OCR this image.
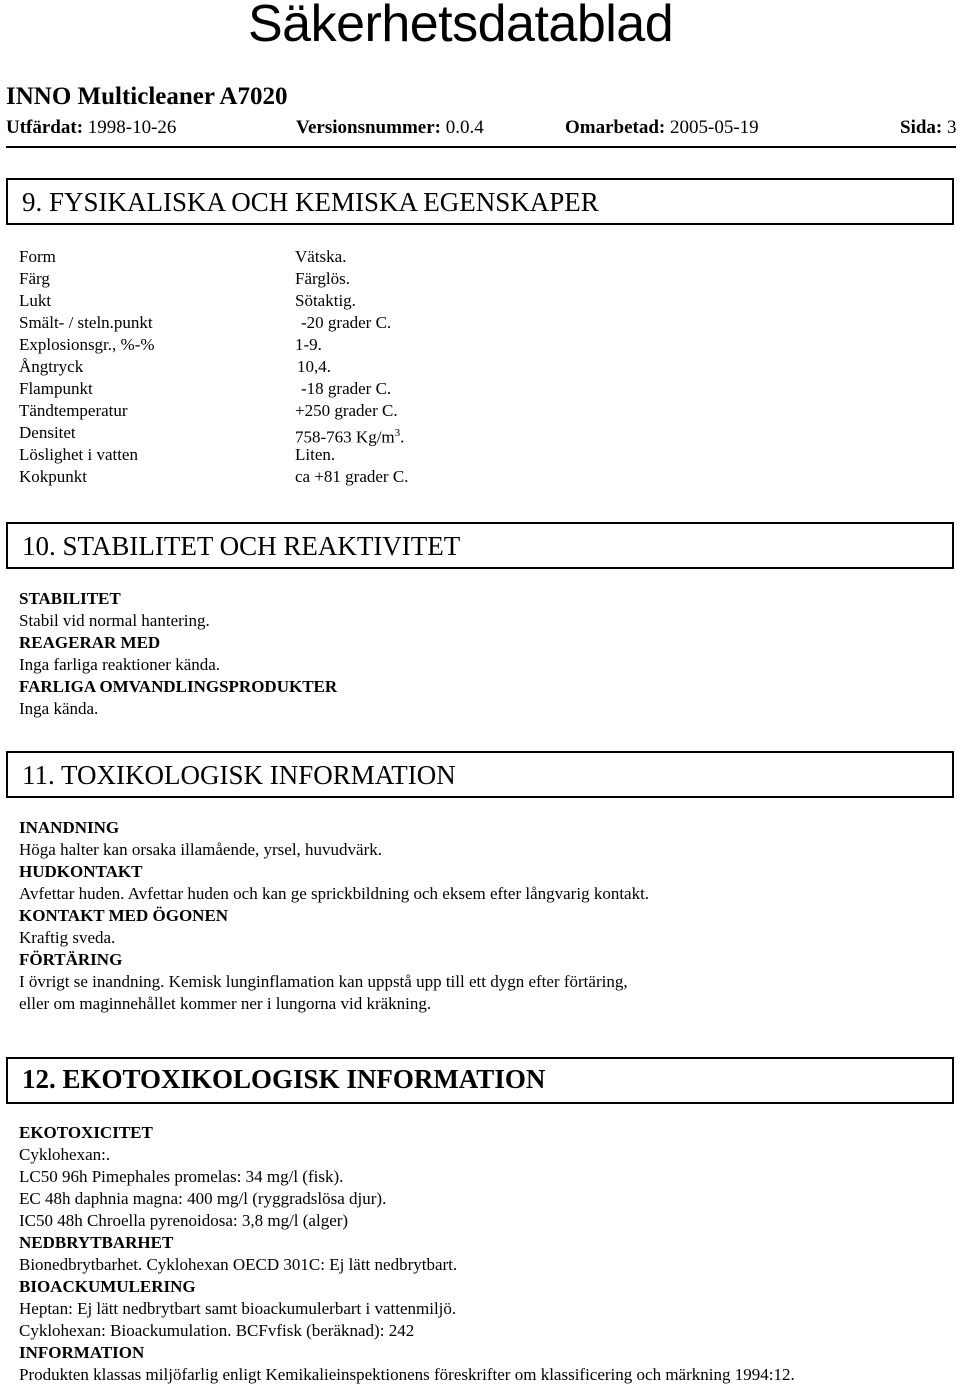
Säkerhetsdatablad
INNO Multicleaner A7020
Utfärdat: 1998-10-26	Versionsnummer: 0.0.4	Omarbetad: 2005-05-19	Sida: 3
9. FYSIKALISKA OCH KEMISKA EGENSKAPER
Form	Vätska.
Färg	Färglös.
Lukt	Sötaktig.
Smält- / steln.punkt	-20 grader C.
Explosionsgr., %-%	1-9.
Ångtryck	10,4.
Flampunkt	-18 grader C.
Tändtemperatur	+250 grader C.
Densitet	758-763 $Kg/m^3$.
Löslighet i vatten	Liten.
Kokpunkt	ca +81 grader C.
10. STABILITET OCH REAKTIVITET
STABILITET
Stabil vid normal hantering.
REAGERAR MED
Inga farliga reaktioner kända.
FARLIGA OMVANDLINGSPRODUKTER
Inga kända.
11. TOXIKOLOGISK INFORMATION
INANDNING
Höga halter kan orsaka illamående, yrsel, huvudvärk.
HUDKONTAKT
Avfettar huden. Avfettar huden och kan ge sprickbildning och eksem efter långvarig kontakt.
KONTAKT MED ÖGONEN
Kraftig sveda.
FÖRTÄRING
I övrigt se inandning. Kemisk lunginflamation kan uppstå upp till ett dygn efter förtäring,
eller om maginnehållet kommer ner i lungorna vid kräkning.
12. EKOTOXIKOLOGISK INFORMATION
EKOTOXICITET
Cyklohexan:.
LC50 96h Pimephales promelas: 34 mg/l (fisk).
EC 48h daphnia magna: 400 mg/l (ryggradslösa djur).
IC50 48h Chroella pyrenoidosa: 3,8 mg/l (alger)
NEDBRYTBARHET
Bionedbrytbarhet. Cyklohexan OECD 301C: Ej lätt nedbrytbart.
BIOACKUMULERING
Heptan: Ej lätt nedbrytbart samt bioackumulerbart i vattenmiljö.
Cyklohexan: Bioackumulation. BCFvfisk (beräknad): 242
INFORMATION
Produkten klassas miljöfarlig enligt Kemikalieinspektionens föreskrifter om klassificering och märkning 1994:12.
